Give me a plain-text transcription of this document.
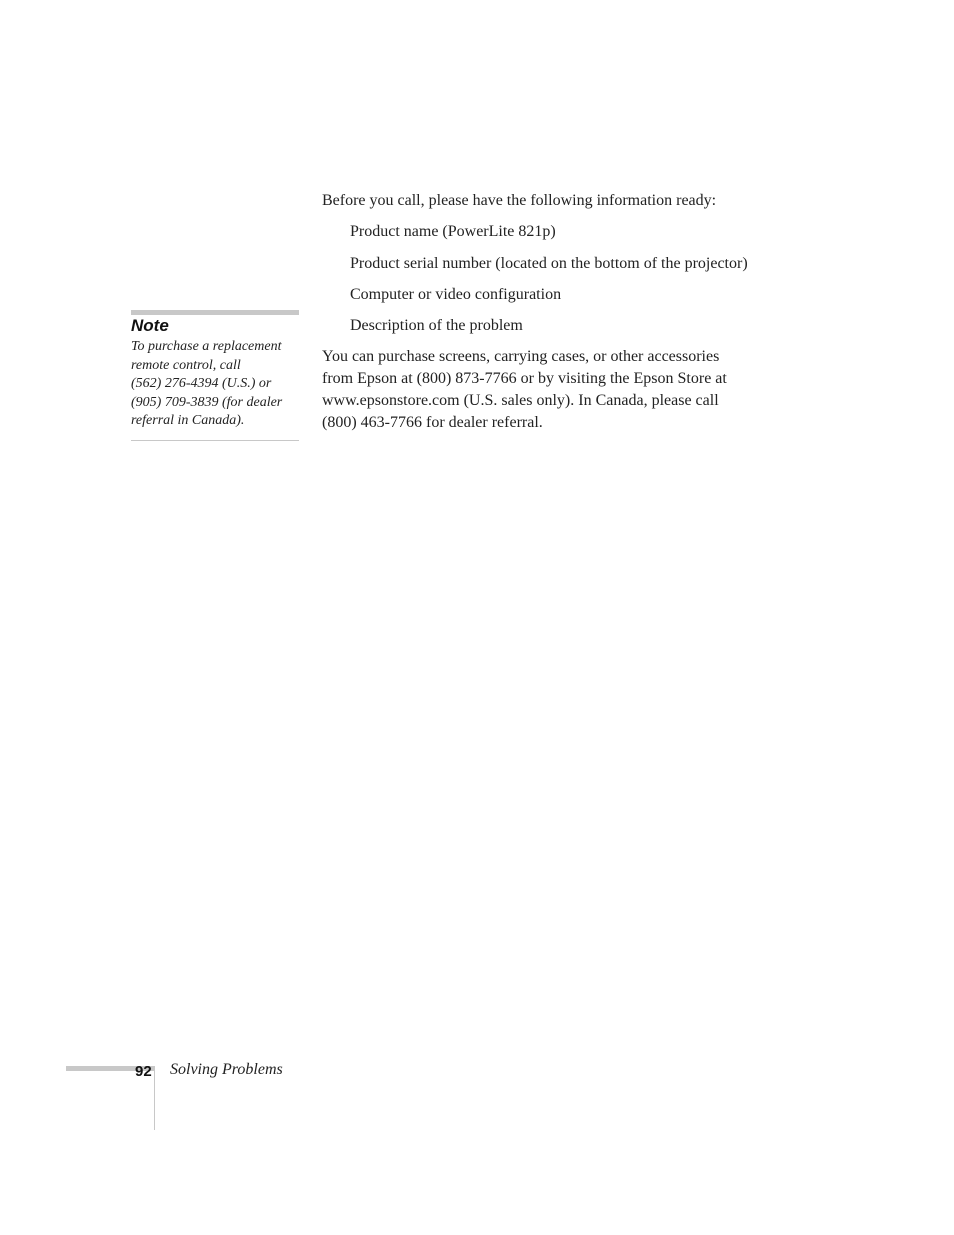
Note
To purchase a replacement
remote control, call
(562) 276-4394 (U.S.) or
(905) 709-3839 (for dealer
referral in Canada).
Before you call, please have the following information ready:
Product name (PowerLite 821p)
Product serial number (located on the bottom of the projector)
Computer or video configuration
Description of the problem
You can purchase screens, carrying cases, or other accessories
from Epson at (800) 873-7766 or by visiting the Epson Store at
www.epsonstore.com (U.S. sales only). In Canada, please call
(800) 463-7766 for dealer referral.
92 Solving Problems
